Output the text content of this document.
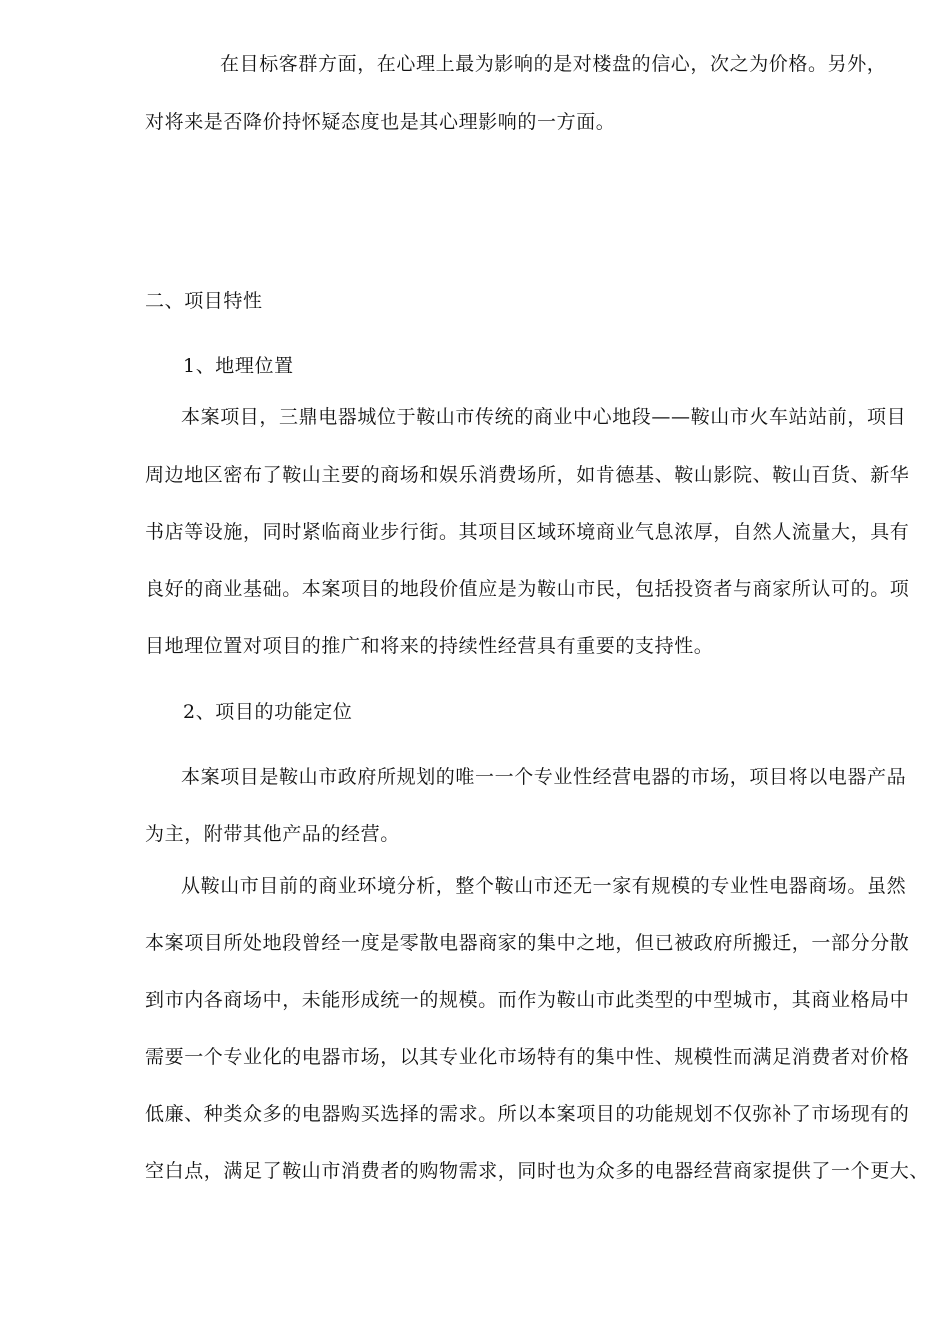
在目标客群方面，在心理上最为影响的是对楼盘的信心，次之为价格。另外，
对将来是否降价持怀疑态度也是其心理影响的一方面。
二、项目特性
1、地理位置
本案项目，三鼎电器城位于鞍山市传统的商业中心地段——鞍山市火车站站前，项目
周边地区密布了鞍山主要的商场和娱乐消费场所，如肯德基、鞍山影院、鞍山百货、新华
书店等设施，同时紧临商业步行街。其项目区域环境商业气息浓厚，自然人流量大，具有
良好的商业基础。本案项目的地段价值应是为鞍山市民，包括投资者与商家所认可的。项
目地理位置对项目的推广和将来的持续性经营具有重要的支持性。
2、项目的功能定位
本案项目是鞍山市政府所规划的唯一一个专业性经营电器的市场，项目将以电器产品
为主，附带其他产品的经营。
从鞍山市目前的商业环境分析，整个鞍山市还无一家有规模的专业性电器商场。虽然
本案项目所处地段曾经一度是零散电器商家的集中之地，但已被政府所搬迁，一部分分散
到市内各商场中，未能形成统一的规模。而作为鞍山市此类型的中型城市，其商业格局中
需要一个专业化的电器市场，以其专业化市场特有的集中性、规模性而满足消费者对价格
低廉、种类众多的电器购买选择的需求。所以本案项目的功能规划不仅弥补了市场现有的
空白点，满足了鞍山市消费者的购物需求，同时也为众多的电器经营商家提供了一个更大、
